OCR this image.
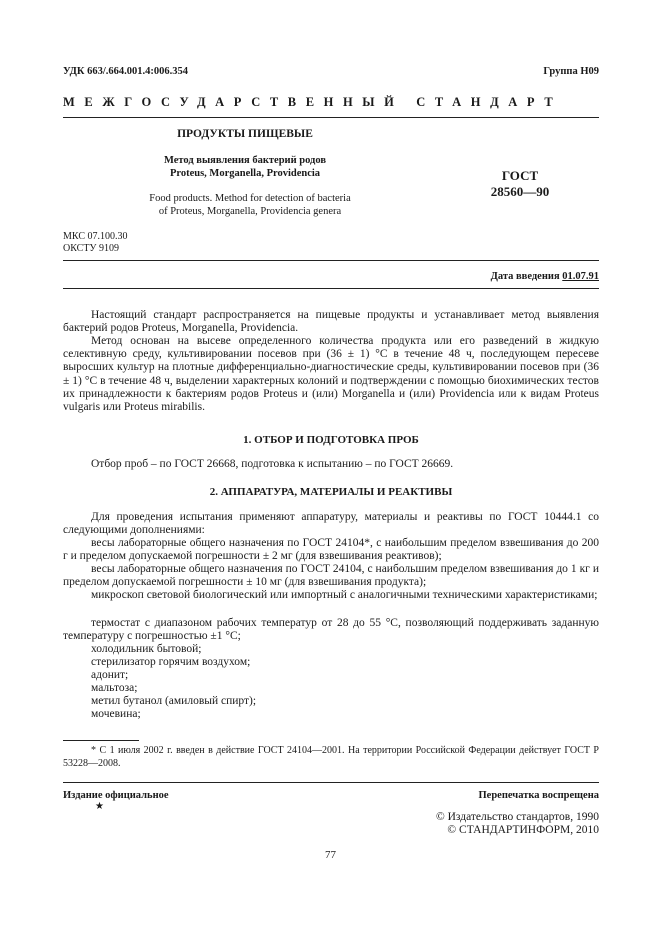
УДК 663/.664.001.4:006.354	Группа Н09
МЕЖГОСУДАРСТВЕННЫЙ СТАНДАРТ
ПРОДУКТЫ ПИЩЕВЫЕ
Метод выявления бактерий родов
Proteus, Morganella, Providencia
Food products. Method for detection of bacteria
of Proteus, Morganella, Providencia genera
ГОСТ
28560—90
МКС 07.100.30
ОКСТУ 9109
Дата введения 01.07.91
Настоящий стандарт распространяется на пищевые продукты и устанавливает метод выявления бактерий родов Proteus, Morganella, Providencia.
Метод основан на высеве определенного количества продукта или его разведений в жидкую селективную среду, культивировании посевов при (36 ± 1) °С в течение 48 ч, последующем пересеве выросших культур на плотные дифференциально-диагностические среды, культивировании посевов при (36 ± 1) °С в течение 48 ч, выделении характерных колоний и подтверждении с помощью биохимических тестов их принадлежности к бактериям родов Proteus и (или) Morganella и (или) Providencia или к видам Proteus vulgaris или Proteus mirabilis.
1. ОТБОР И ПОДГОТОВКА ПРОБ
Отбор проб – по ГОСТ 26668, подготовка к испытанию – по ГОСТ 26669.
2. АППАРАТУРА, МАТЕРИАЛЫ И РЕАКТИВЫ
Для проведения испытания применяют аппаратуру, материалы и реактивы по ГОСТ 10444.1 со следующими дополнениями:
весы лабораторные общего назначения по ГОСТ 24104*, с наибольшим пределом взвешивания до 200 г и пределом допускаемой погрешности ± 2 мг (для взвешивания реактивов);
весы лабораторные общего назначения по ГОСТ 24104, с наибольшим пределом взвешивания до 1 кг и пределом допускаемой погрешности ± 10 мг (для взвешивания продукта);
микроскоп световой биологический или импортный с аналогичными техническими характеристиками;
термостат с диапазоном рабочих температур от 28 до 55 °С, позволяющий поддерживать заданную температуру с погрешностью ±1 °С;
холодильник бытовой;
стерилизатор горячим воздухом;
адонит;
мальтоза;
метил бутанол (амиловый спирт);
мочевина;
* С 1 июля 2002 г. введен в действие ГОСТ 24104—2001. На территории Российской Федерации действует ГОСТ Р 53228—2008.
Издание официальное
★
Перепечатка воспрещена
© Издательство стандартов, 1990
© СТАНДАРТИНФОРМ, 2010
77
